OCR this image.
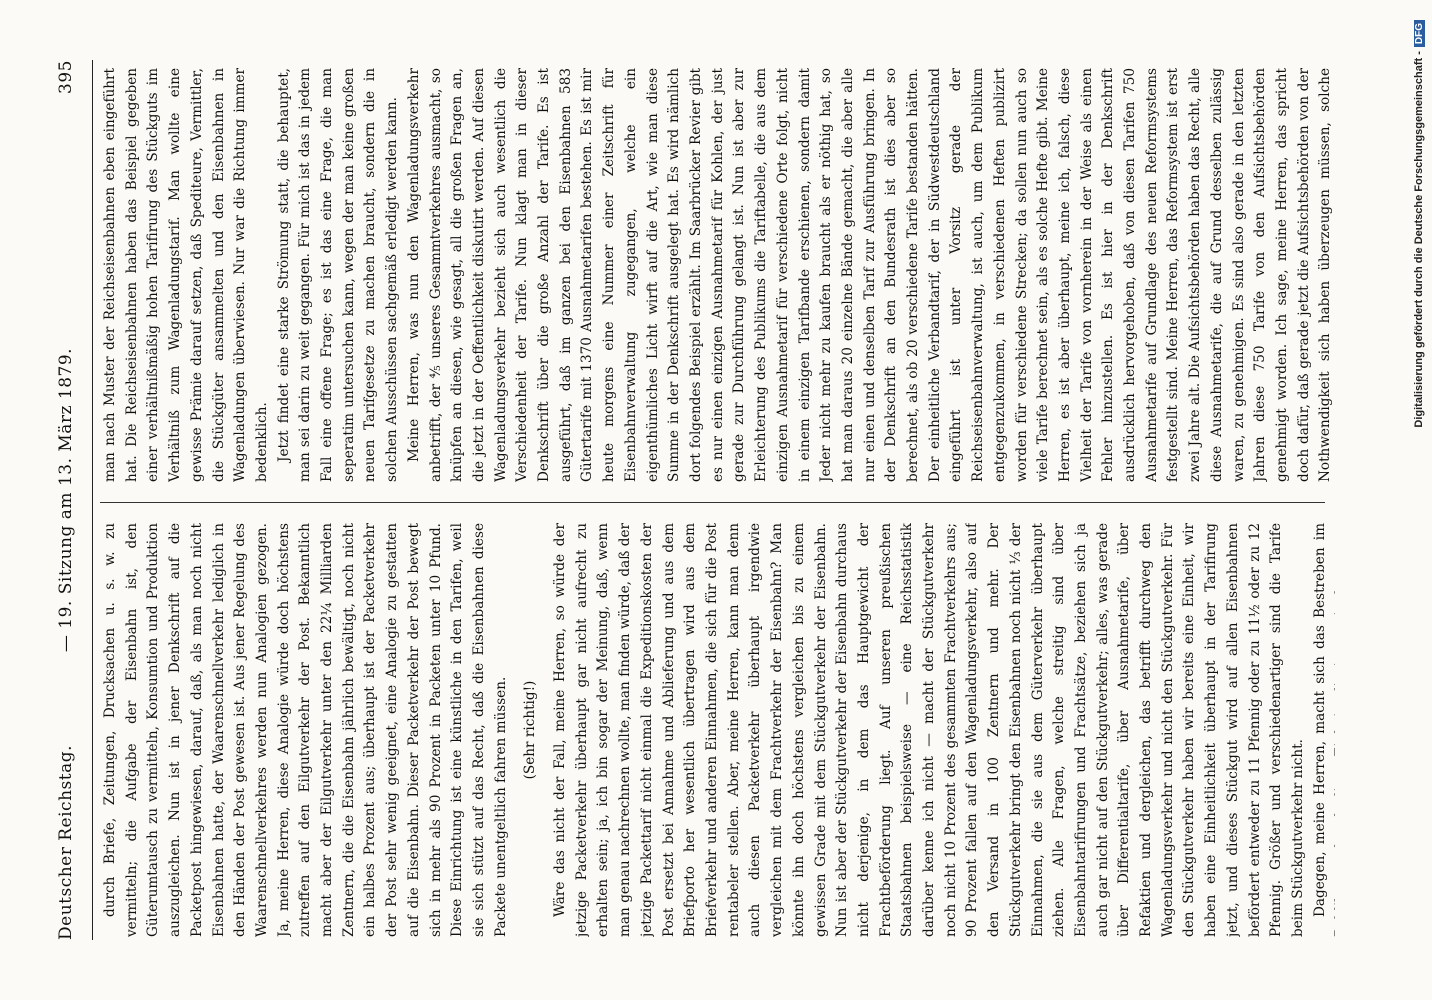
Deutscher Reichstag.
— 19. Sitzung am 13. März 1879.
395

durch Briefe, Zeitungen, Drucksachen u. s. w. zu vermitteln; die Aufgabe der Eisenbahn ist, den Güterumtausch zu vermitteln, Konsumtion und Produktion auszugleichen. Nun ist in jener Denkschrift auf die Packetpost hingewiesen, darauf, daß, als man noch nicht Eisenbahnen hatte, der Waarenschnellverkehr lediglich in den Händen der Post gewesen ist. Aus jener Regelung des Waarenschnellverkehres werden nun Analogien gezogen. Ja, meine Herren, diese Analogie würde doch höchstens zutreffen auf den Eilgutverkehr der Post. Bekanntlich macht aber der Eilgutverkehr unter den 22¼ Milliarden Zentnern, die die Eisenbahn jährlich bewältigt, noch nicht ein halbes Prozent aus; überhaupt ist der Packetverkehr der Post sehr wenig geeignet, eine Analogie zu gestatten auf die Eisenbahn. Dieser Packetverkehr der Post bewegt sich in mehr als 90 Prozent in Packeten unter 10 Pfund. Diese Einrichtung ist eine künstliche in den Tarifen, weil sie sich stützt auf das Recht, daß die Eisenbahnen diese Packete unentgeltlich fahren müssen. (Sehr richtig!) Wäre das nicht der Fall, meine Herren, so würde der jetzige Packetverkehr überhaupt gar nicht aufrecht zu erhalten sein; ja, ich bin sogar der Meinung, daß, wenn man genau nachrechnen wollte, man finden würde, daß der jetzige Packettarif nicht einmal die Expeditionskosten der Post ersetzt bei Annahme und Ablieferung und aus dem Briefporto her wesentlich übertragen wird aus dem Briefverkehr und anderen Einnahmen, die sich für die Post rentabeler stellen. Aber, meine Herren, kann man denn auch diesen Packetverkehr überhaupt irgendwie vergleichen mit dem Frachtverkehr der Eisenbahn? Man könnte ihn doch höchstens vergleichen bis zu einem gewissen Grade mit dem Stückgutverkehr der Eisenbahn. Nun ist aber der Stückgutverkehr der Eisenbahn durchaus nicht derjenige, in dem das Hauptgewicht der Frachtbeförderung liegt. Auf unseren preußischen Staatsbahnen beispielsweise — eine Reichsstatistik darüber kenne ich nicht — macht der Stückgutverkehr noch nicht 10 Prozent des gesammten Frachtverkehrs aus; 90 Prozent fallen auf den Wagenladungsverkehr, also auf den Versand in 100 Zentnern und mehr. Der Stückgutverkehr bringt den Eisenbahnen noch nicht ⅓ der Einnahmen, die sie aus dem Güterverkehr überhaupt ziehen. Alle Fragen, welche streitig sind über Eisenbahntarifirungen und Frachtsätze, beziehen sich ja auch gar nicht auf den Stückgutverkehr; alles, was gerade über Differentialtarife, über Ausnahmetarife, über Refaktien und dergleichen, das betrifft durchweg den Wagenladungsverkehr und nicht den Stückgutverkehr. Für den Stückgutverkehr haben wir bereits eine Einheit, wir haben eine Einheitlichkeit überhaupt in der Tarifirung jetzt, und dieses Stückgut wird auf allen Eisenbahnen befördert entweder zu 11 Pfennig oder zu 11½ oder zu 12 Pfennig. Größer und verschiedenartiger sind die Tarife beim Stückgutverkehr nicht. Dagegen, meine Herren, macht sich das Bestreben im

man nach Muster der Reichseisenbahnen eben eingeführt hat. Die Reichseisenbahnen haben das Beispiel gegeben einer verhältnißmäßig hohen Tarifirung des Stückguts im Verhältniß zum Wagenladungstarif. Man wollte eine gewisse Prämie darauf setzen, daß Spediteure, Vermittler, die Stückgüter ansammelten und den Eisenbahnen in Wagenladungen überwiesen. Nur war die Richtung immer bedenklich. Jetzt findet eine starke Strömung statt, die behauptet, man sei darin zu weit gegangen. Für mich ist das in jedem Fall eine offene Frage; es ist das eine Frage, die man seperatim untersuchen kann, wegen der man keine großen neuen Tarifgesetze zu machen braucht, sondern die in solchen Ausschüssen sachgemäß erledigt werden kann. Meine Herren, was nun den Wagenladungsverkehr anbetrifft, der ⅘ unseres Gesammtverkehres ausmacht, so knüpfen an diesen, wie gesagt, all die großen Fragen an, die jetzt in der Oeffentlichkeit diskutirt werden. Auf diesen Wagenladungsverkehr bezieht sich auch wesentlich die Verschiedenheit der Tarife. Nun klagt man in dieser Denkschrift über die große Anzahl der Tarife. Es ist ausgeführt, daß im ganzen bei den Eisenbahnen 583 Gütertarife mit 1370 Ausnahmetarifen bestehen. Es ist mir heute morgens eine Nummer einer Zeitschrift für Eisenbahnverwaltung zugegangen, welche ein eigenthümliches Licht wirft auf die Art, wie man diese Summe in der Denkschrift ausgelegt hat. Es wird nämlich dort folgendes Beispiel erzählt. Im Saarbrücker Revier gibt es nur einen einzigen Ausnahmetarif für Kohlen, der just gerade zur Durchführung gelangt ist. Nun ist aber zur Erleichterung des Publikums die Tariftabelle, die aus dem einzigen Ausnahmetarif für verschiedene Orte folgt, nicht in einem einzigen Tarifbande erschienen, sondern damit Jeder nicht mehr zu kaufen braucht als er nöthig hat, so hat man daraus 20 einzelne Bände gemacht, die aber alle nur einen und denselben Tarif zur Ausführung bringen. In der Denkschrift an den Bundesrath ist dies aber so berechnet, als ob 20 verschiedene Tarife bestanden hätten. Der einheitliche Verbandtarif, der in Südwestdeutschland eingeführt ist unter Vorsitz gerade der Reichseisenbahnverwaltung, ist auch, um dem Publikum entgegenzukommen, in verschiedenen Heften publizirt worden für verschiedene Strecken; da sollen nun auch so viele Tarife berechnet sein, als es solche Hefte gibt. Meine Herren, es ist aber überhaupt, meine ich, falsch, diese Vielheit der Tarife von vornherein in der Weise als einen Fehler hinzustellen. Es ist hier in der Denkschrift ausdrücklich hervorgehoben, daß von diesen Tarifen 750 Ausnahmetarife auf Grundlage des neuen Reformsystems festgestellt sind. Meine Herren, das Reformsystem ist erst zwei Jahre alt. Die Aufsichtsbehörden haben das Recht, alle diese Ausnahmetarife, die auf Grund desselben zulässig waren, zu genehmigen. Es sind also gerade in den letzten Jahren diese 750 Tarife von den Aufsichtsbehörden genehmigt worden. Ich sage, meine Herren, das spricht doch dafür, daß gerade jetzt die Aufsichtsbehörden von der Nothwendigkeit sich haben überzeugen müssen, solche	Digitalisierung gefördert durch die Deutsche Forschungsgemeinschaft -DFG
